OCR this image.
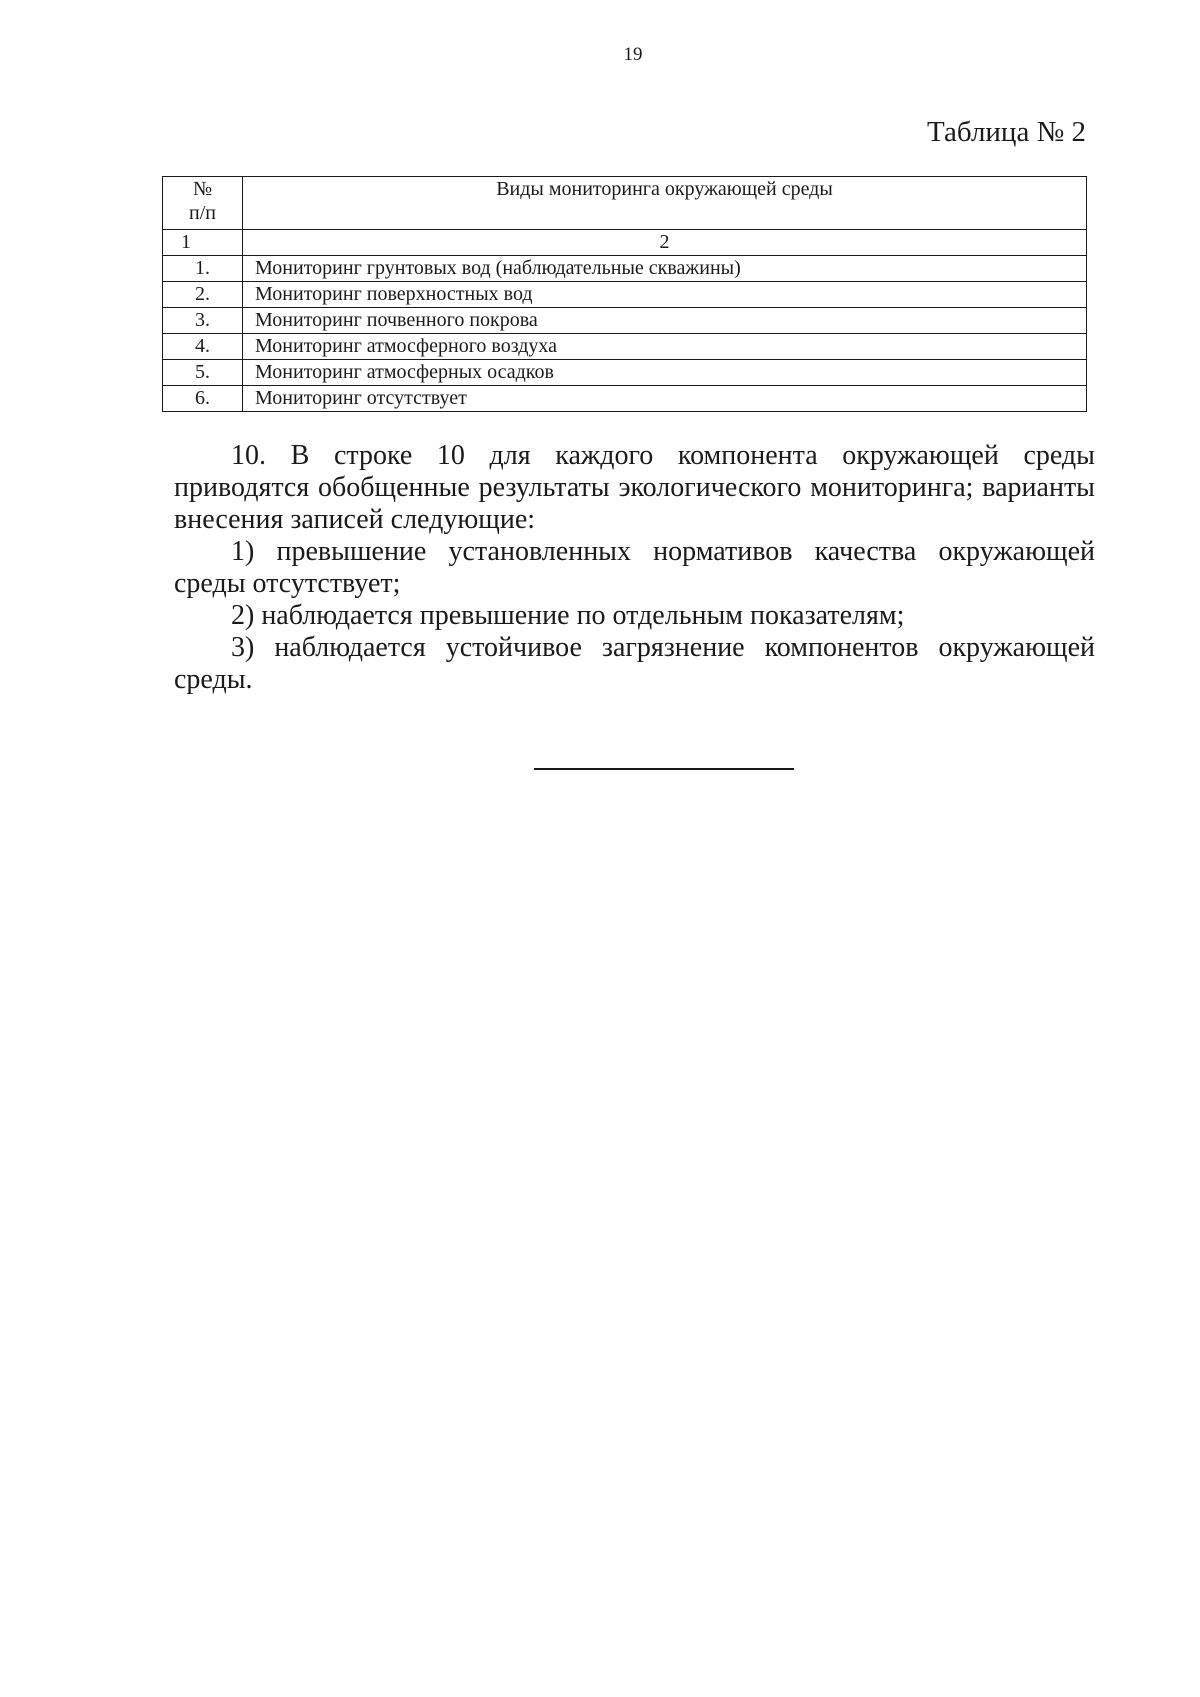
19
Таблица № 2
№
п/п	Виды мониторинга окружающей среды
1	2
1.	Мониторинг грунтовых вод (наблюдательные скважины)
2.	Мониторинг поверхностных вод
3.	Мониторинг почвенного покрова
4.	Мониторинг атмосферного воздуха
5.	Мониторинг атмосферных осадков
6.	Мониторинг отсутствует

10. В строке 10 для каждого компонента окружающей среды приводятся обобщенные результаты экологического мониторинга; варианты внесения записей следующие:

1) превышение установленных нормативов качества окружающей среды отсутствует;

2) наблюдается превышение по отдельным показателям;

3) наблюдается устойчивое загрязнение компонентов окружающей среды.
